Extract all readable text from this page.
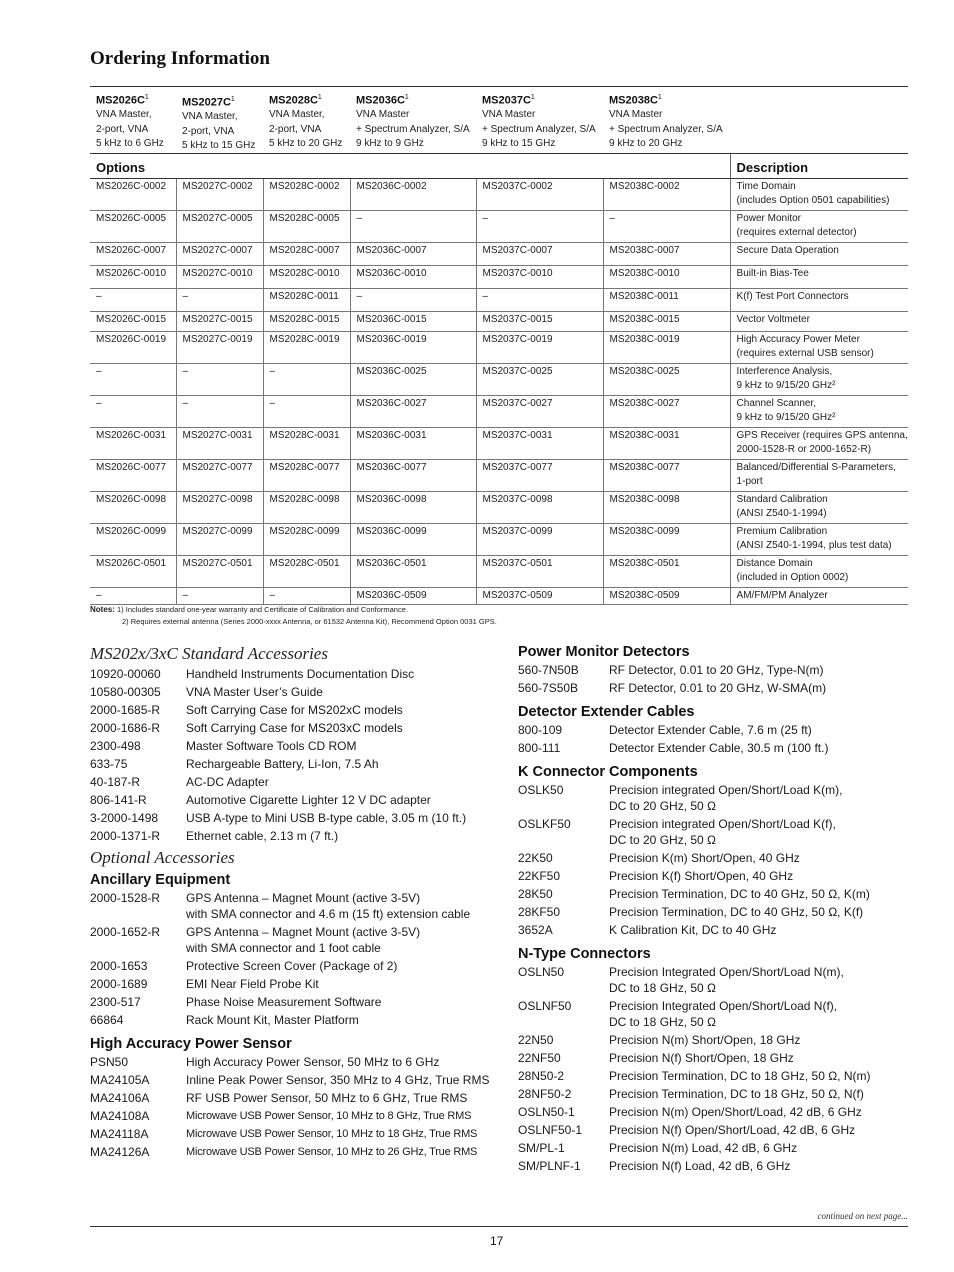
Ordering Information
$MS2026C^1$
VNA Master,
2-port, VNA
5 kHz to 6 GHz
$MS2027C^1$
VNA Master,
2-port, VNA
5 kHz to 15 GHz
$MS2028C^1$
VNA Master,
2-port, VNA
5 kHz to 20 GHz
$MS2036C^1$
VNA Master
+ Spectrum Analyzer, S/A
9 kHz to 9 GHz
$MS2037C^1$
VNA Master
+ Spectrum Analyzer, S/A
9 kHz to 15 GHz
$MS2038C^1$
VNA Master
+ Spectrum Analyzer, S/A
9 kHz to 20 GHz
Options						Description
MS2026C-0002	MS2027C-0002	MS2028C-0002	MS2036C-0002	MS2037C-0002	MS2038C-0002	Time Domain
(includes Option 0501 capabilities)

MS2026C-0005	MS2027C-0005	MS2028C-0005	–	–	–	Power Monitor
(requires external detector)

MS2026C-0007	MS2027C-0007	MS2028C-0007	MS2036C-0007	MS2037C-0007	MS2038C-0007	Secure Data Operation

MS2026C-0010	MS2027C-0010	MS2028C-0010	MS2036C-0010	MS2037C-0010	MS2038C-0010	Built-in Bias-Tee

–	–	MS2028C-0011	–	–	MS2038C-0011	K(f) Test Port Connectors

MS2026C-0015	MS2027C-0015	MS2028C-0015	MS2036C-0015	MS2037C-0015	MS2038C-0015	Vector Voltmeter

MS2026C-0019	MS2027C-0019	MS2028C-0019	MS2036C-0019	MS2037C-0019	MS2038C-0019	High Accuracy Power Meter
(requires external USB sensor)

–	–	–	MS2036C-0025	MS2037C-0025	MS2038C-0025	Interference Analysis,
9 kHz to 9/15/20 GHz²

–	–	–	MS2036C-0027	MS2037C-0027	MS2038C-0027	Channel Scanner,
9 kHz to 9/15/20 GHz²

MS2026C-0031	MS2027C-0031	MS2028C-0031	MS2036C-0031	MS2037C-0031	MS2038C-0031	GPS Receiver (requires GPS antenna,
2000-1528-R or 2000-1652-R)

MS2026C-0077	MS2027C-0077	MS2028C-0077	MS2036C-0077	MS2037C-0077	MS2038C-0077	Balanced/Differential S-Parameters,
1-port

MS2026C-0098	MS2027C-0098	MS2028C-0098	MS2036C-0098	MS2037C-0098	MS2038C-0098	Standard Calibration
(ANSI Z540-1-1994)

MS2026C-0099	MS2027C-0099	MS2028C-0099	MS2036C-0099	MS2037C-0099	MS2038C-0099	Premium Calibration
(ANSI Z540-1-1994, plus test data)

MS2026C-0501	MS2027C-0501	MS2028C-0501	MS2036C-0501	MS2037C-0501	MS2038C-0501	Distance Domain
(included in Option 0002)

–	–	–	MS2036C-0509	MS2037C-0509	MS2038C-0509	AM/FM/PM Analyzer
Notes: 1) Includes standard one-year warranty and Certificate of Calibration and Conformance.
2) Requires external antenna (Series 2000-xxxx Antenna, or 61532 Antenna Kit), Recommend Option 0031 GPS.
MS202x/3xC Standard Accessories
10920-00060	Handheld Instruments Documentation Disc
10580-00305	VNA Master User’s Guide
2000-1685-R	Soft Carrying Case for MS202xC models
2000-1686-R	Soft Carrying Case for MS203xC models
2300-498	Master Software Tools CD ROM
633-75	Rechargeable Battery, Li-Ion, 7.5 Ah
40-187-R	AC-DC Adapter
806-141-R	Automotive Cigarette Lighter 12 V DC adapter
3-2000-1498	USB A-type to Mini USB B-type cable, 3.05 m (10 ft.)
2000-1371-R	Ethernet cable, 2.13 m (7 ft.)
Optional Accessories
Ancillary Equipment
2000-1528-R	GPS Antenna – Magnet Mount (active 3-5V)
with SMA connector and 4.6 m (15 ft) extension cable
2000-1652-R	GPS Antenna – Magnet Mount (active 3-5V)
with SMA connector and 1 foot cable
2000-1653	Protective Screen Cover (Package of 2)
2000-1689	EMI Near Field Probe Kit
2300-517	Phase Noise Measurement Software
66864	Rack Mount Kit, Master Platform
High Accuracy Power Sensor
PSN50	High Accuracy Power Sensor, 50 MHz to 6 GHz
MA24105A	Inline Peak Power Sensor, 350 MHz to 4 GHz, True RMS
MA24106A	RF USB Power Sensor, 50 MHz to 6 GHz, True RMS
MA24108A	Microwave USB Power Sensor, 10 MHz to 8 GHz, True RMS
MA24118A	Microwave USB Power Sensor, 10 MHz to 18 GHz, True RMS
MA24126A	Microwave USB Power Sensor, 10 MHz to 26 GHz, True RMS
Power Monitor Detectors
560-7N50B	RF Detector, 0.01 to 20 GHz, Type-N(m)
560-7S50B	RF Detector, 0.01 to 20 GHz, W-SMA(m)
Detector Extender Cables
800-109	Detector Extender Cable, 7.6 m (25 ft)
800-111	Detector Extender Cable, 30.5 m (100 ft.)
K Connector Components
OSLK50	Precision integrated Open/Short/Load K(m),
DC to 20 GHz, 50 Ω
OSLKF50	Precision integrated Open/Short/Load K(f),
DC to 20 GHz, 50 Ω
22K50	Precision K(m) Short/Open, 40 GHz
22KF50	Precision K(f) Short/Open, 40 GHz
28K50	Precision Termination, DC to 40 GHz, 50 Ω, K(m)
28KF50	Precision Termination, DC to 40 GHz, 50 Ω, K(f)
3652A	K Calibration Kit, DC to 40 GHz
N-Type Connectors
OSLN50	Precision Integrated Open/Short/Load N(m),
DC to 18 GHz, 50 Ω
OSLNF50	Precision Integrated Open/Short/Load N(f),
DC to 18 GHz, 50 Ω
22N50	Precision N(m) Short/Open, 18 GHz
22NF50	Precision N(f) Short/Open, 18 GHz
28N50-2	Precision Termination, DC to 18 GHz, 50 Ω, N(m)
28NF50-2	Precision Termination, DC to 18 GHz, 50 Ω, N(f)
OSLN50-1	Precision N(m) Open/Short/Load, 42 dB, 6 GHz
OSLNF50-1	Precision N(f) Open/Short/Load, 42 dB, 6 GHz
SM/PL-1	Precision N(m) Load, 42 dB, 6 GHz
SM/PLNF-1	Precision N(f) Load, 42 dB, 6 GHz
continued on next page...
17
